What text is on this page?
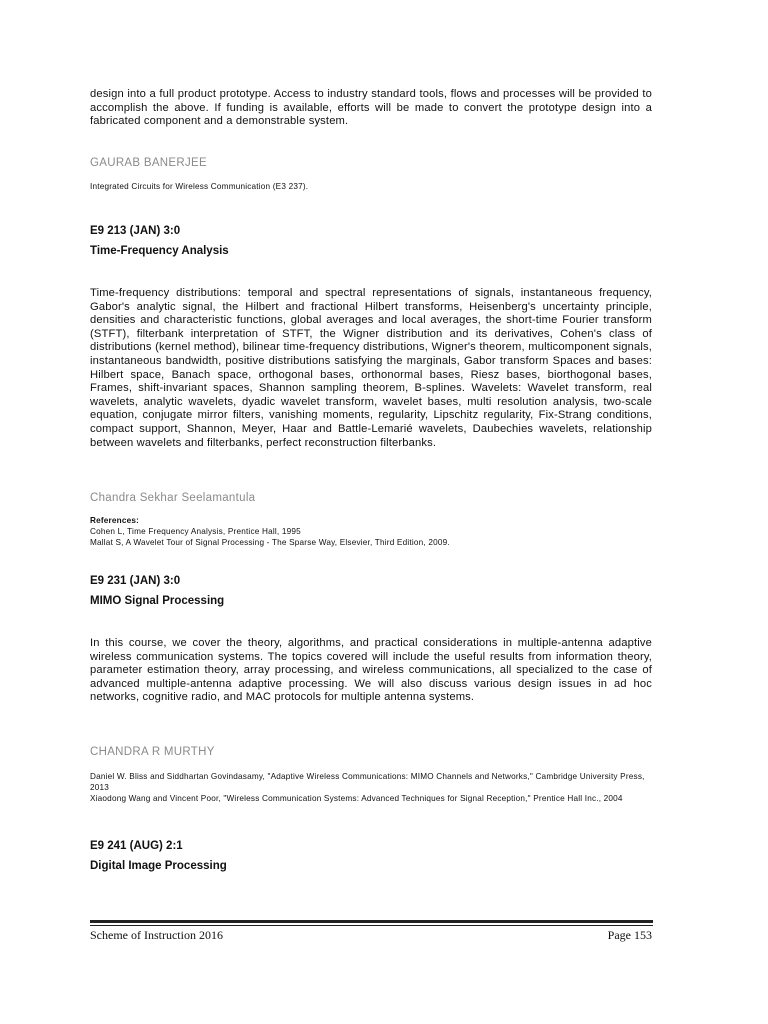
design into a full product prototype. Access to industry standard tools, flows and processes will be provided to accomplish the above. If funding is available, efforts will be made to convert the prototype design into a fabricated component and a demonstrable system.

GAURAB BANERJEE
Integrated Circuits for Wireless Communication (E3 237).
E9 213 (JAN) 3:0
Time-Frequency Analysis

Time-frequency distributions: temporal and spectral representations of signals, instantaneous frequency, Gabor's analytic signal, the Hilbert and fractional Hilbert transforms, Heisenberg's uncertainty principle, densities and characteristic functions, global averages and local averages, the short-time Fourier transform (STFT), filterbank interpretation of STFT, the Wigner distribution and its derivatives, Cohen's class of distributions (kernel method), bilinear time-frequency distributions, Wigner's theorem, multicomponent signals, instantaneous bandwidth, positive distributions satisfying the marginals, Gabor transform Spaces and bases: Hilbert space, Banach space, orthogonal bases, orthonormal bases, Riesz bases, biorthogonal bases, Frames, shift-invariant spaces, Shannon sampling theorem, B-splines. Wavelets: Wavelet transform, real wavelets, analytic wavelets, dyadic wavelet transform, wavelet bases, multi resolution analysis, two-scale equation, conjugate mirror filters, vanishing moments, regularity, Lipschitz regularity, Fix-Strang conditions, compact support, Shannon, Meyer, Haar and Battle-Lemarié wavelets, Daubechies wavelets, relationship between wavelets and filterbanks, perfect reconstruction filterbanks.

Chandra Sekhar Seelamantula
References:
Cohen L, Time Frequency Analysis, Prentice Hall, 1995
Mallat S, A Wavelet Tour of Signal Processing - The Sparse Way, Elsevier, Third Edition, 2009.
E9 231 (JAN) 3:0
MIMO Signal Processing

In this course, we cover the theory, algorithms, and practical considerations in multiple-antenna adaptive wireless communication systems. The topics covered will include the useful results from information theory, parameter estimation theory, array processing, and wireless communications, all specialized to the case of advanced multiple-antenna adaptive processing. We will also discuss various design issues in ad hoc networks, cognitive radio, and MAC protocols for multiple antenna systems.

CHANDRA R MURTHY
Daniel W. Bliss and Siddhartan Govindasamy, "Adaptive Wireless Communications: MIMO Channels and Networks," Cambridge University Press, 2013
Xiaodong Wang and Vincent Poor, "Wireless Communication Systems: Advanced Techniques for Signal Reception," Prentice Hall Inc., 2004
E9 241 (AUG) 2:1
Digital Image Processing
Scheme of Instruction 2016	Page 153
